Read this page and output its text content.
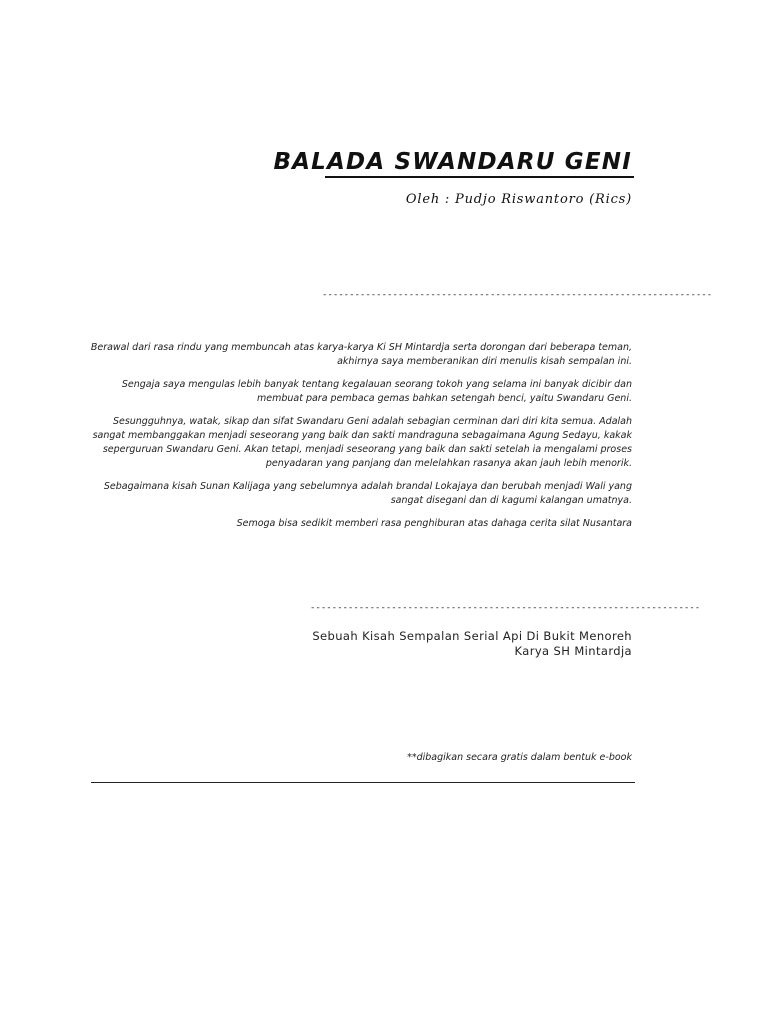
BALADA SWANDARU GENI
Oleh : Pudjo Riswantoro (Rics)
------------------------------------------------------------------------

Berawal dari rasa rindu yang membuncah atas karya-karya Ki SH Mintardja serta dorongan dari beberapa teman, akhirnya saya memberanikan diri menulis kisah sempalan ini.

Sengaja saya mengulas lebih banyak tentang kegalauan seorang tokoh yang selama ini banyak dicibir dan membuat para pembaca gemas bahkan setengah benci, yaitu Swandaru Geni.

Sesungguhnya, watak, sikap dan sifat Swandaru Geni adalah sebagian cerminan dari diri kita semua. Adalah sangat membanggakan menjadi seseorang yang baik dan sakti mandraguna sebagaimana Agung Sedayu, kakak seperguruan Swandaru Geni. Akan tetapi, menjadi seseorang yang baik dan sakti setelah ia mengalami proses penyadaran yang panjang dan melelahkan rasanya akan jauh lebih menorik.

Sebagaimana kisah Sunan Kalijaga yang sebelumnya adalah brandal Lokajaya dan berubah menjadi Wali yang sangat disegani dan di kagumi kalangan umatnya.

Semoga bisa sedikit memberi rasa penghiburan atas dahaga cerita silat Nusantara

------------------------------------------------------------------------
Sebuah Kisah Sempalan Serial Api Di Bukit Menoreh
Karya SH Mintardja
**dibagikan secara gratis dalam bentuk e-book
